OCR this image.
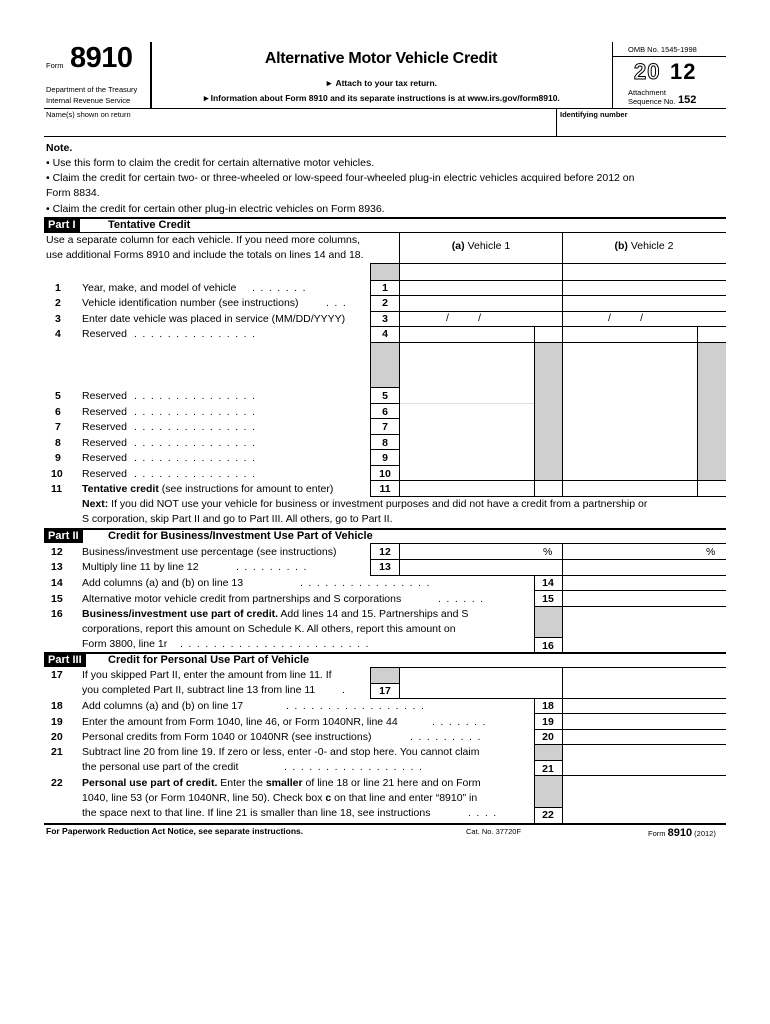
Form 8910
Department of the Treasury
Internal Revenue Service
Alternative Motor Vehicle Credit
► Attach to your tax return.
►Information about Form 8910 and its separate instructions is at www.irs.gov/form8910.
OMB No. 1545-1998
20 12
Attachment
Sequence No. 152
Name(s) shown on return	Identifying number
Note.
• Use this form to claim the credit for certain alternative motor vehicles.
• Claim the credit for certain two- or three-wheeled or low-speed four-wheeled plug-in electric vehicles acquired before 2012 on
Form 8834.
• Claim the credit for certain other plug-in electric vehicles on Form 8936.
Part I	Tentative Credit
Use a separate column for each vehicle. If you need more columns,
use additional Forms 8910 and include the totals on lines 14 and 18.
(a) Vehicle 1	(b) Vehicle 2
1 Year, make, and model of vehicle . . . . . . .	1
2 Vehicle identification number (see instructions)	. . .	2
3 Enter date vehicle was placed in service (MM/DD/YYYY)	3	/          /	/          /
4 Reserved . . . . . . . . . . . . . . .	4
5 Reserved . . . . . . . . . . . . . . .	5
6 Reserved . . . . . . . . . . . . . . .	6
7 Reserved . . . . . . . . . . . . . . .	7
8 Reserved . . . . . . . . . . . . . . .	8
9 Reserved . . . . . . . . . . . . . . .	9
10 Reserved . . . . . . . . . . . . . . .	10
11 Tentative credit (see instructions for amount to enter)	11
Next: If you did NOT use your vehicle for business or investment purposes and did not have a credit from a partnership or
S corporation, skip Part II and go to Part III. All others, go to Part II.
Part II	Credit for Business/Investment Use Part of Vehicle
12 Business/investment use percentage (see instructions)	12	%	%
13 Multiply line 11 by line 12	. . . . . . . . .	13
14 Add columns (a) and (b) on line 13	. . . . . . . . . . . . . . . .	14
15 Alternative motor vehicle credit from partnerships and S corporations	. . . . . .	15
16 Business/investment use part of credit. Add lines 14 and 15. Partnerships and S
corporations, report this amount on Schedule K. All others, report this amount on
Form 3800, line 1r . . . . . . . . . . . . . . . . . . . . . . .	16
Part III	Credit for Personal Use Part of Vehicle
17 If you skipped Part II, enter the amount from line 11. If
you completed Part II, subtract line 13 from line 11	.	17
18 Add columns (a) and (b) on line 17	. . . . . . . . . . . . . . . . .	18
19 Enter the amount from Form 1040, line 46, or Form 1040NR, line 44	. . . . . . .	19
20 Personal credits from Form 1040 or 1040NR (see instructions)	. . . . . . . . .	20
21 Subtract line 20 from line 19. If zero or less, enter -0- and stop here. You cannot claim
the personal use part of the credit	. . . . . . . . . . . . . . . . .	21
22 Personal use part of credit. Enter the smaller of line 18 or line 21 here and on Form
1040, line 53 (or Form 1040NR, line 50). Check box c on that line and enter “8910” in
the space next to that line. If line 21 is smaller than line 18, see instructions	. . . .	22
For Paperwork Reduction Act Notice, see separate instructions.	Cat. No. 37720F	Form 8910 (2012)
